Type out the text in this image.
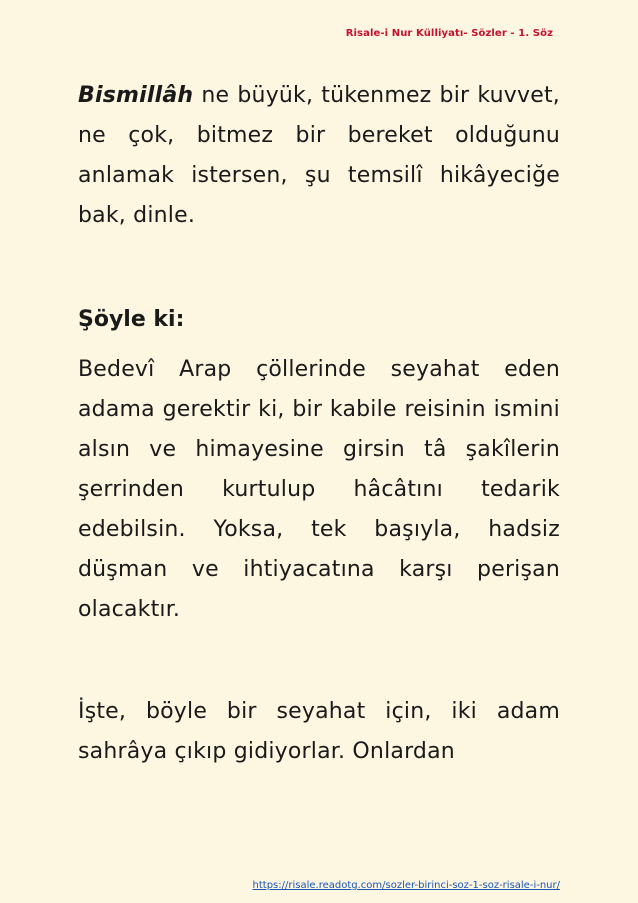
Risale-i Nur Külliyatı- Sözler - 1. Söz

Bismillâh ne büyük, tükenmez bir kuvvet, ne çok, bitmez bir bereket olduğunu anlamak istersen, şu temsilî hikâyeciğe bak, dinle.

Şöyle ki:

Bedevî Arap çöllerinde seyahat eden adama gerektir ki, bir kabile reisinin ismini alsın ve himayesine girsin tâ şakîlerin şerrinden kurtulup hâcâtını tedarik edebilsin. Yoksa, tek başıyla, hadsiz düşman ve ihtiyacatına karşı perişan olacaktır.

İşte, böyle bir seyahat için, iki adam sahrâya çıkıp gidiyorlar. Onlardan

https://risale.readotg.com/sozler-birinci-soz-1-soz-risale-i-nur/
